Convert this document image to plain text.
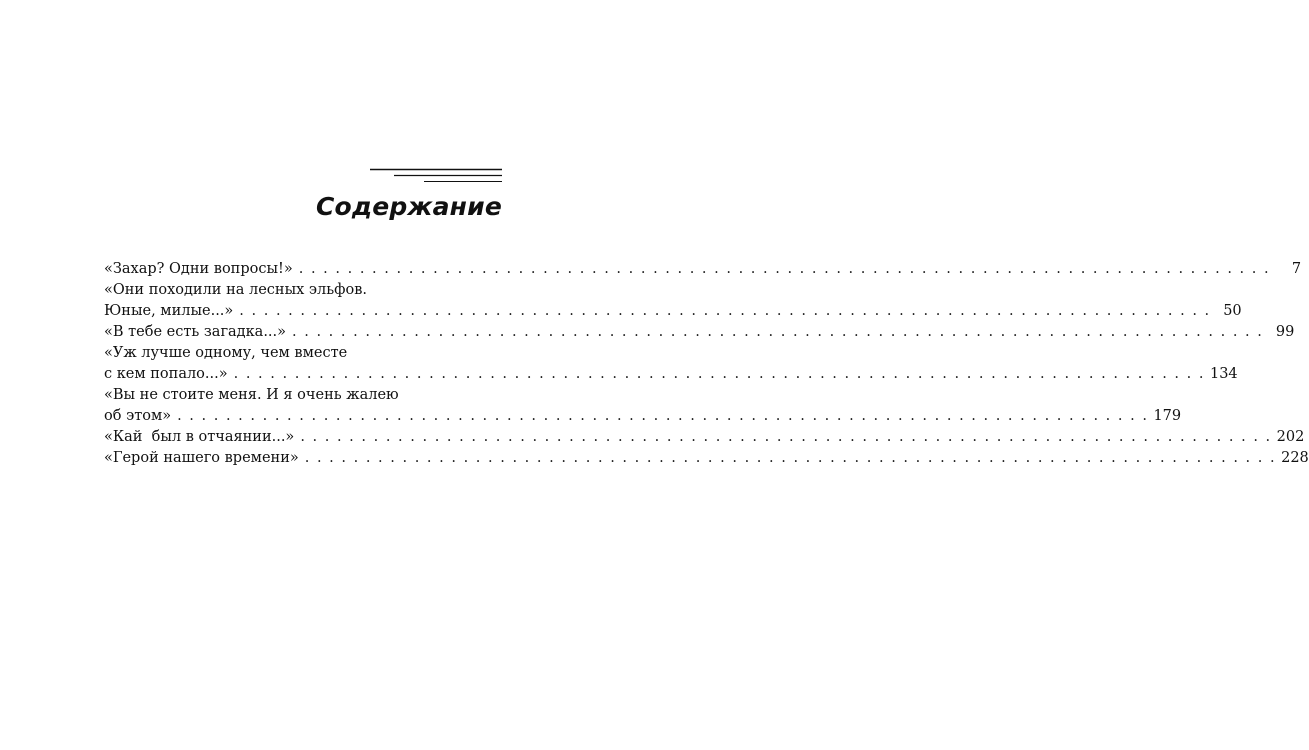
Содержание
«Захар? Одни вопросы!» . . . . . . . . . . . . . . . . . . . . . . . . . . . . . . . . . . . . . . . . . . . . . . . . . . . . . . . . . . . . . . . . . . . . . . . . . . . . . . . .	7
«Они походили на лесных эльфов.
Юные, милые...» . . . . . . . . . . . . . . . . . . . . . . . . . . . . . . . . . . . . . . . . . . . . . . . . . . . . . . . . . . . . . . . . . . . . . . . . . . . . . . . . 50
«В тебе есть загадка...» . . . . . . . . . . . . . . . . . . . . . . . . . . . . . . . . . . . . . . . . . . . . . . . . . . . . . . . . . . . . . . . . . . . . . . . . . . . . . . . . 99
«Уж лучше одному, чем вместе
с кем попало...» . . . . . . . . . . . . . . . . . . . . . . . . . . . . . . . . . . . . . . . . . . . . . . . . . . . . . . . . . . . . . . . . . . . . . . . . . . . . . . . . 134
«Вы не стоите меня. И я очень жалею
об этом» . . . . . . . . . . . . . . . . . . . . . . . . . . . . . . . . . . . . . . . . . . . . . . . . . . . . . . . . . . . . . . . . . . . . . . . . . . . . . . . . 179
«Кай  был в отчаянии...» . . . . . . . . . . . . . . . . . . . . . . . . . . . . . . . . . . . . . . . . . . . . . . . . . . . . . . . . . . . . . . . . . . . . . . . . . . . . . . . . 202
«Герой нашего времени» . . . . . . . . . . . . . . . . . . . . . . . . . . . . . . . . . . . . . . . . . . . . . . . . . . . . . . . . . . . . . . . . . . . . . . . . . . . . . . . . 228
